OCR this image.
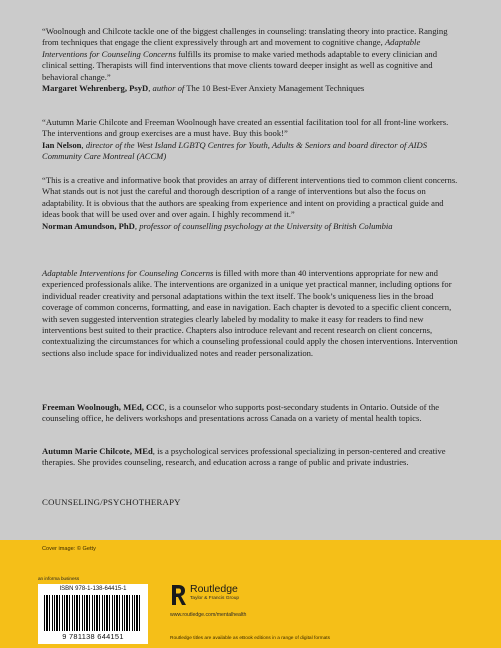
“Woolnough and Chilcote tackle one of the biggest challenges in counseling: translating theory into practice. Ranging from techniques that engage the client expressively through art and movement to cognitive change, Adaptable Interventions for Counseling Concerns fulfills its promise to make varied methods adaptable to every clinician and clinical setting. Therapists will find interventions that move clients toward deeper insight as well as cognitive and behavioral change.”

Margaret Wehrenberg, PsyD, author of The 10 Best-Ever Anxiety Management Techniques

“Autumn Marie Chilcote and Freeman Woolnough have created an essential facilitation tool for all front-line workers. The interventions and group exercises are a must have. Buy this book!”

Ian Nelson, director of the West Island LGBTQ Centres for Youth, Adults & Seniors and board director of AIDS Community Care Montreal (ACCM)

“This is a creative and informative book that provides an array of different interventions tied to common client concerns. What stands out is not just the careful and thorough description of a range of interventions but also the focus on adaptability. It is obvious that the authors are speaking from experience and intent on providing a practical guide and ideas book that will be used over and over again. I highly recommend it.”

Norman Amundson, PhD, professor of counselling psychology at the University of British Columbia

Adaptable Interventions for Counseling Concerns is filled with more than 40 interventions appropriate for new and experienced professionals alike. The interventions are organized in a unique yet practical manner, including options for individual reader creativity and personal adaptations within the text itself. The book’s uniqueness lies in the broad coverage of common concerns, formatting, and ease in navigation. Each chapter is devoted to a specific client concern, with seven suggested intervention strategies clearly labeled by modality to make it easy for readers to find new interventions best suited to their practice. Chapters also introduce relevant and recent research on client concerns, contextualizing the circumstances for which a counseling professional could apply the chosen interventions. Intervention sections also include space for individualized notes and reader personalization.

Freeman Woolnough, MEd, CCC, is a counselor who supports post-secondary students in Ontario. Outside of the counseling office, he delivers workshops and presentations across Canada on a variety of mental health topics.

Autumn Marie Chilcote, MEd, is a psychological services professional specializing in person-centered and creative therapies. She provides counseling, research, and education across a range of public and private industries.

COUNSELING/PSYCHOTHERAPY
Cover image: © Getty
an informa business
ISBN 978-1-138-64415-1
9 781138 644151
Routledge
Taylor & Francis Group
www.routledge.com/mentalhealth
Routledge titles are available as eBook editions in a range of digital formats
